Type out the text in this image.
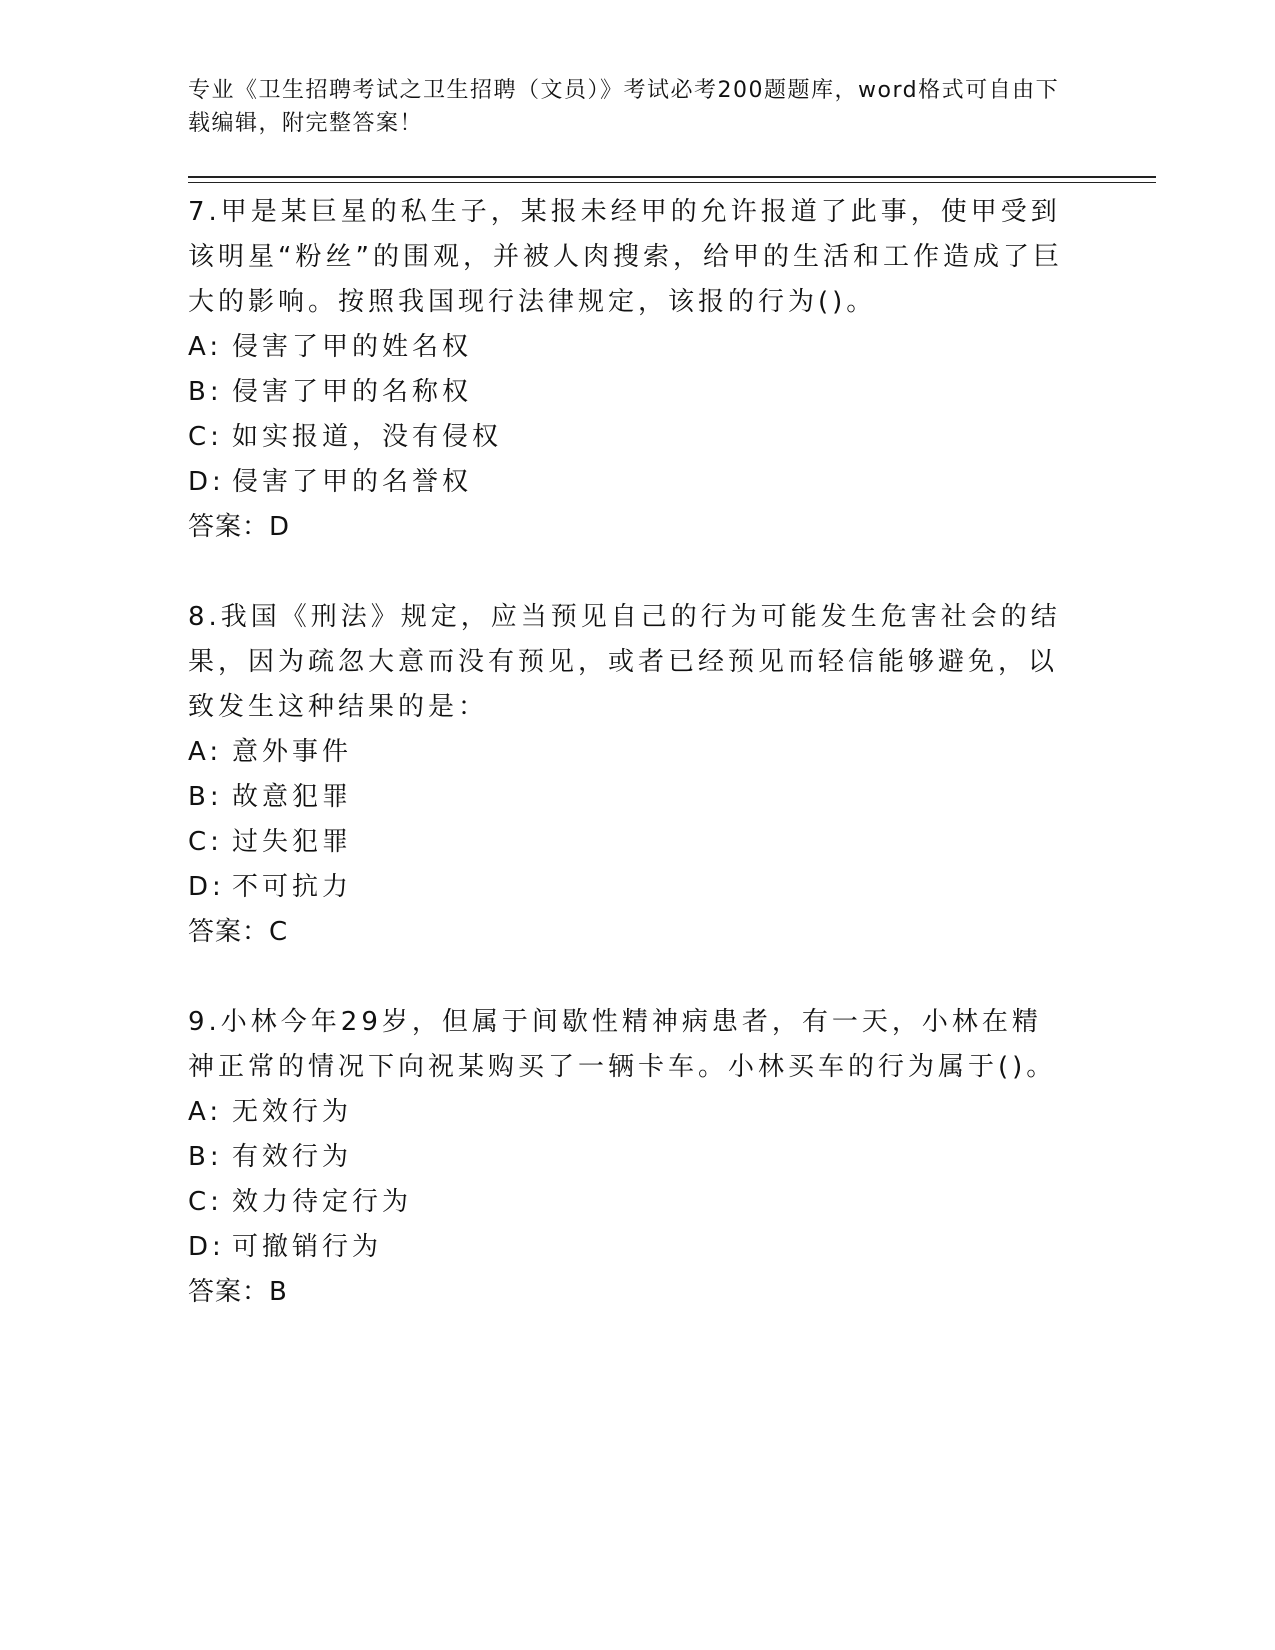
专业《卫生招聘考试之卫生招聘（文员）》考试必考200题题库，word格式可自由下载编辑，附完整答案！
7.甲是某巨星的私生子，某报未经甲的允许报道了此事，使甲受到该明星“粉丝”的围观，并被人肉搜索，给甲的生活和工作造成了巨大的影响。按照我国现行法律规定，该报的行为()。
A: 侵害了甲的姓名权
B: 侵害了甲的名称权
C: 如实报道，没有侵权
D: 侵害了甲的名誉权
答案：D
8.我国《刑法》规定，应当预见自己的行为可能发生危害社会的结果，因为疏忽大意而没有预见，或者已经预见而轻信能够避免，以致发生这种结果的是：
A: 意外事件
B: 故意犯罪
C: 过失犯罪
D: 不可抗力
答案：C
9.小林今年29岁，但属于间歇性精神病患者，有一天，小林在精神正常的情况下向祝某购买了一辆卡车。小林买车的行为属于()。
A: 无效行为
B: 有效行为
C: 效力待定行为
D: 可撤销行为
答案：B
